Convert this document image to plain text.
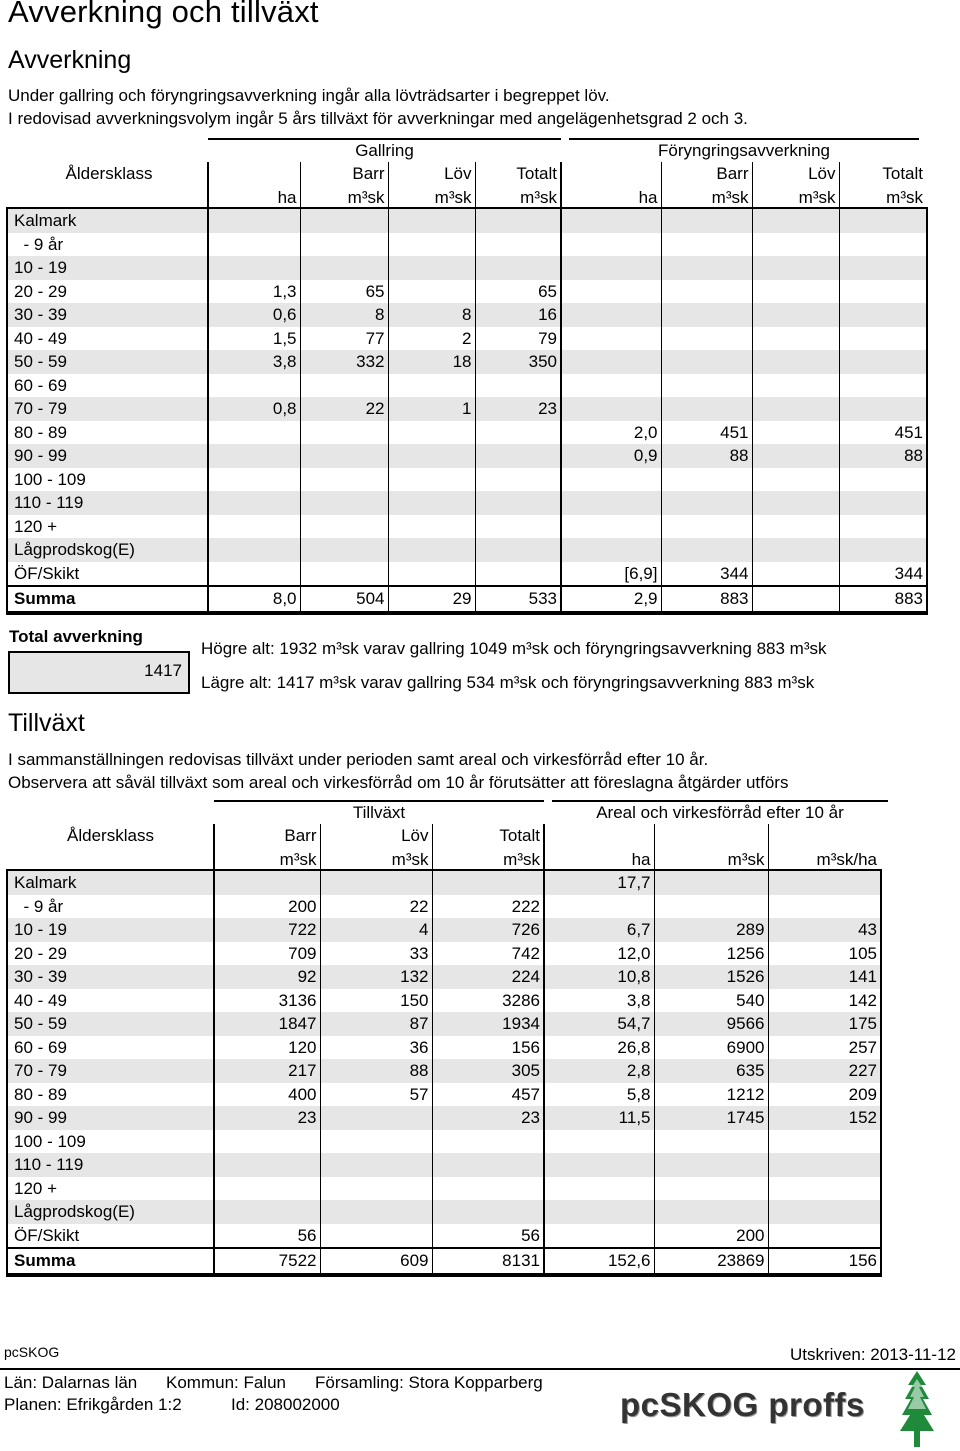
Avverkning och tillväxt
Avverkning
Under gallring och föryngringsavverkning ingår alla lövträdsarter i begreppet löv.
I redovisad avverkningsvolym ingår 5 års tillväxt för avverkningar med angelägenhetsgrad 2 och 3.
Gallring	Föryngringsavverkning
Åldersklass		Barr	Löv	Totalt		Barr	Löv	Totalt
	ha	m³sk	m³sk	m³sk	ha	m³sk	m³sk	m³sk
Kalmark								
- 9 år								
10 - 19								
20 - 29	1,3	65		65				
30 - 39	0,6	8	8	16				
40 - 49	1,5	77	2	79				
50 - 59	3,8	332	18	350				
60 - 69								
70 - 79	0,8	22	1	23				
80 - 89					2,0	451		451
90 - 99					0,9	88		88
100 - 109								
110 - 119								
120 +								
Lågprodskog(E)								
ÖF/Skikt					[6,9]	344		344
Summa	8,0	504	29	533	2,9	883		883
Total avverkning
1417
Högre alt: 1932 m³sk varav gallring 1049 m³sk och föryngringsavverkning 883 m³sk
Lägre alt: 1417 m³sk varav gallring 534 m³sk och föryngringsavverkning 883 m³sk
Tillväxt
I sammanställningen redovisas tillväxt under perioden samt areal och virkesförråd efter 10 år.
Observera att såväl tillväxt som areal och virkesförråd om 10 år förutsätter att föreslagna åtgärder utförs
Tillväxt	Areal och virkesförråd efter 10 år
Åldersklass	Barr	Löv	Totalt			
	m³sk	m³sk	m³sk	ha	m³sk	m³sk/ha
Kalmark				17,7		
- 9 år	200	22	222			
10 - 19	722	4	726	6,7	289	43
20 - 29	709	33	742	12,0	1256	105
30 - 39	92	132	224	10,8	1526	141
40 - 49	3136	150	3286	3,8	540	142
50 - 59	1847	87	1934	54,7	9566	175
60 - 69	120	36	156	26,8	6900	257
70 - 79	217	88	305	2,8	635	227
80 - 89	400	57	457	5,8	1212	209
90 - 99	23		23	11,5	1745	152
100 - 109						
110 - 119						
120 +						
Lågprodskog(E)						
ÖF/Skikt	56		56		200	
Summa	7522	609	8131	152,6	23869	156
pcSKOG	Utskriven: 2013-11-12
Län: Dalarnas län Kommun: Falun Församling: Stora Kopparberg
Planen: Efrikgården 1:2	Id: 208002000	pcSKOG proffs
